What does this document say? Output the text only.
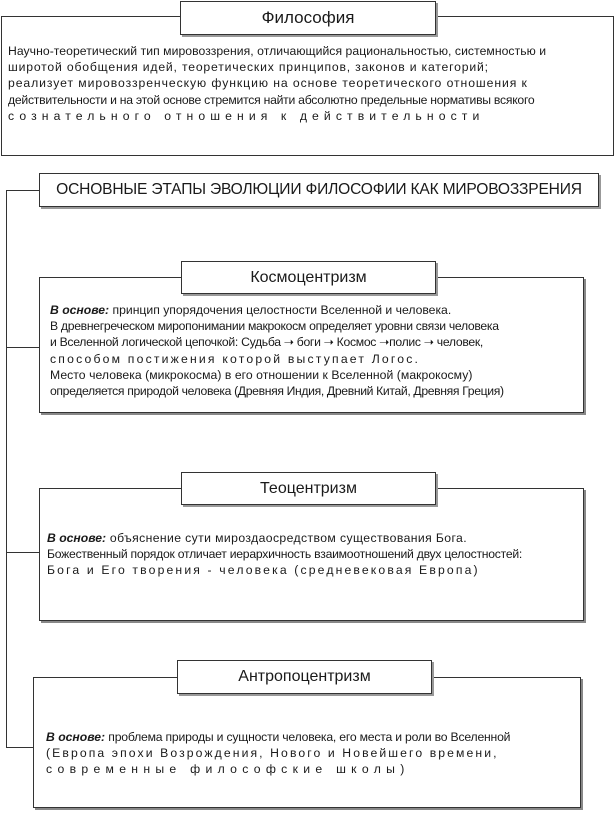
Философия
Научно-теоретический тип мировоззрения, отличающийся рациональностью, системностью и
широтой обобщения идей, теоретических принципов, законов и категорий;
реализует мировоззренческую функцию на основе теоретического отношения к
действительности и на этой основе стремится найти абсолютно предельные нормативы всякого
сознательного отношения к действительности
ОСНОВНЫЕ ЭТАПЫ ЭВОЛЮЦИИ ФИЛОСОФИИ КАК МИРОВОЗЗРЕНИЯ
Космоцентризм
В основе: принцип упорядочения целостности Вселенной и человека.
В древнегреческом миропонимании макрокосм определяет уровни связи человека
и Вселенной логической цепочкой: Судьба ➝ боги ➝ Космос ➝полис ➝ человек,
способом постижения которой выступает Логос.
Место человека (микрокосма) в его отношении к Вселенной (макрокосму)
определяется природой человека (Древняя Индия, Древний Китай, Древняя Греция)
Теоцентризм
В основе: объяснение сути мироздаосредством существования Бога.
Божественный порядок отличает иерархичность взаимоотношений двух целостностей:
Бога и Его творения - человека (средневековая Европа)
Антропоцентризм
В основе: проблема природы и сущности человека, его места и роли во Вселенной
(Европа эпохи Возрождения, Нового и Новейшего времени,
современные философские школы)
